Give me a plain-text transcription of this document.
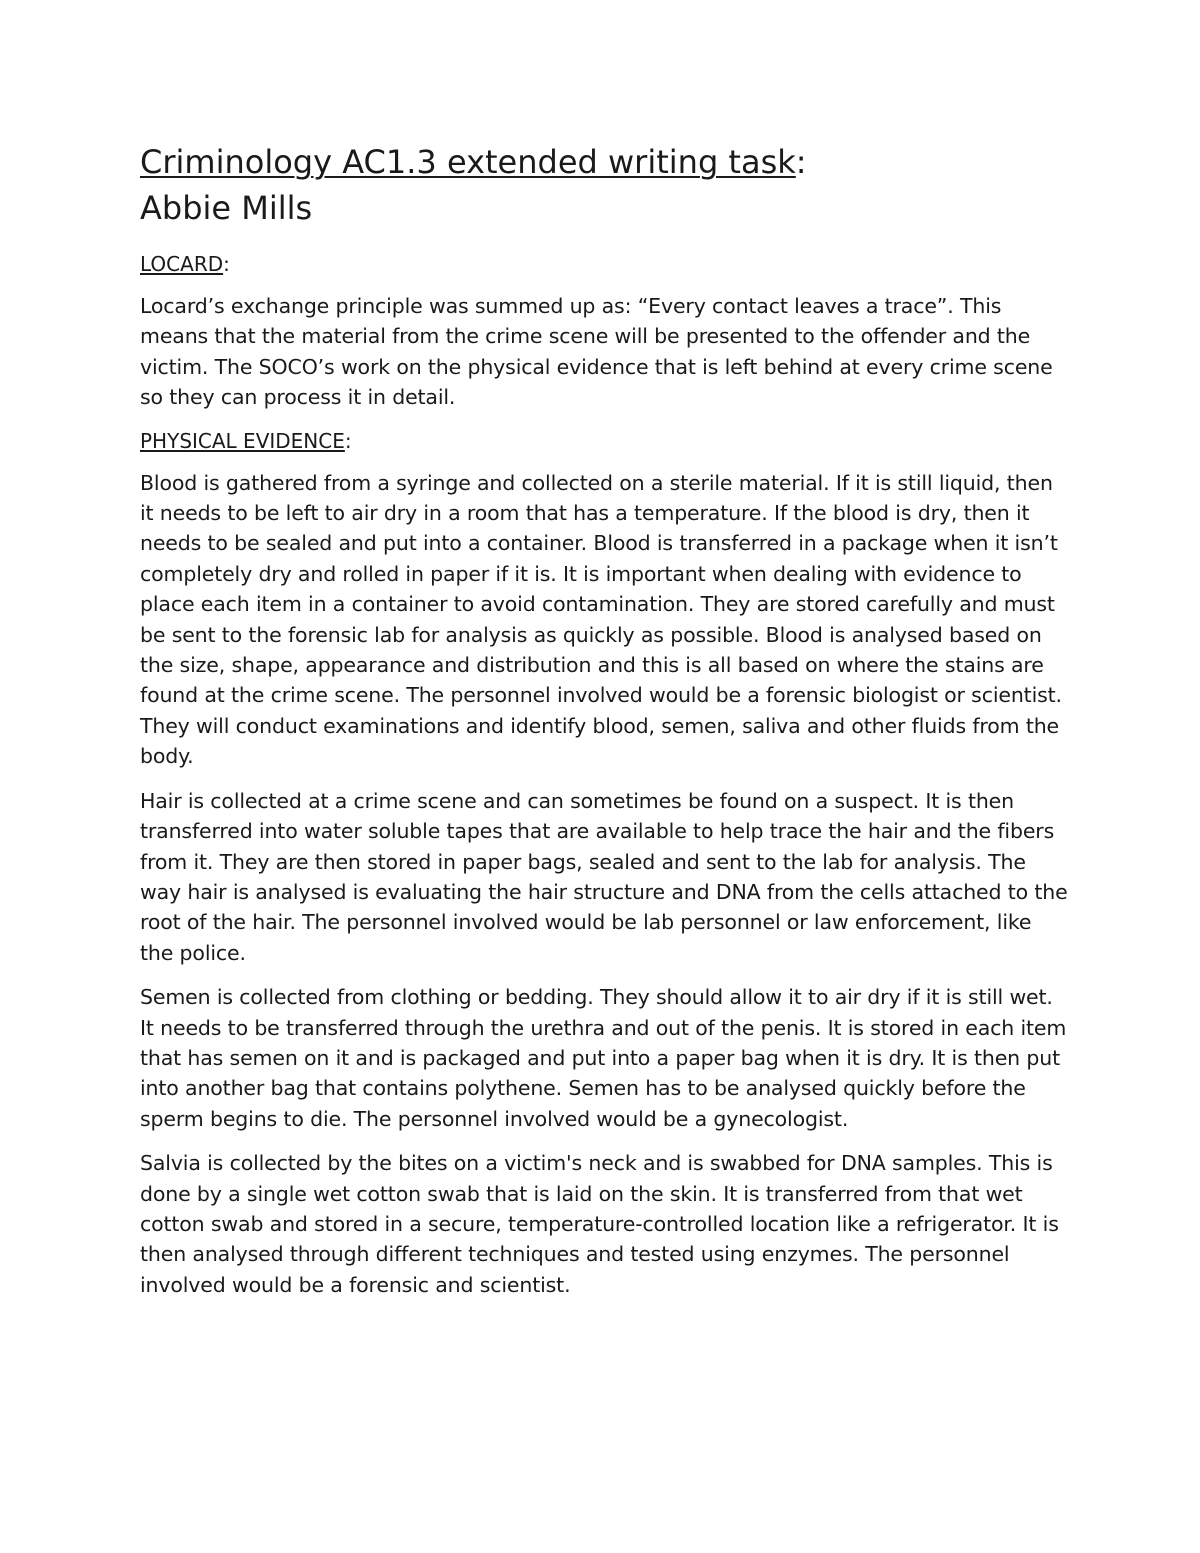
Criminology AC1.3 extended writing task:
Abbie Mills
LOCARD:

Locard’s exchange principle was summed up as: “Every contact leaves a trace”. This means that the material from the crime scene will be presented to the offender and the victim. The SOCO’s work on the physical evidence that is left behind at every crime scene so they can process it in detail.

PHYSICAL EVIDENCE:

Blood is gathered from a syringe and collected on a sterile material. If it is still liquid, then it needs to be left to air dry in a room that has a temperature. If the blood is dry, then it needs to be sealed and put into a container. Blood is transferred in a package when it isn’t completely dry and rolled in paper if it is. It is important when dealing with evidence to place each item in a container to avoid contamination. They are stored carefully and must be sent to the forensic lab for analysis as quickly as possible. Blood is analysed based on the size, shape, appearance and distribution and this is all based on where the stains are found at the crime scene. The personnel involved would be a forensic biologist or scientist. They will conduct examinations and identify blood, semen, saliva and other fluids from the body.

Hair is collected at a crime scene and can sometimes be found on a suspect. It is then transferred into water soluble tapes that are available to help trace the hair and the fibers from it. They are then stored in paper bags, sealed and sent to the lab for analysis. The way hair is analysed is evaluating the hair structure and DNA from the cells attached to the root of the hair. The personnel involved would be lab personnel or law enforcement, like the police.

Semen is collected from clothing or bedding. They should allow it to air dry if it is still wet. It needs to be transferred through the urethra and out of the penis. It is stored in each item that has semen on it and is packaged and put into a paper bag when it is dry. It is then put into another bag that contains polythene. Semen has to be analysed quickly before the sperm begins to die. The personnel involved would be a gynecologist.

Salvia is collected by the bites on a victim's neck and is swabbed for DNA samples. This is done by a single wet cotton swab that is laid on the skin. It is transferred from that wet cotton swab and stored in a secure, temperature-controlled location like a refrigerator. It is then analysed through different techniques and tested using enzymes. The personnel involved would be a forensic and scientist.
